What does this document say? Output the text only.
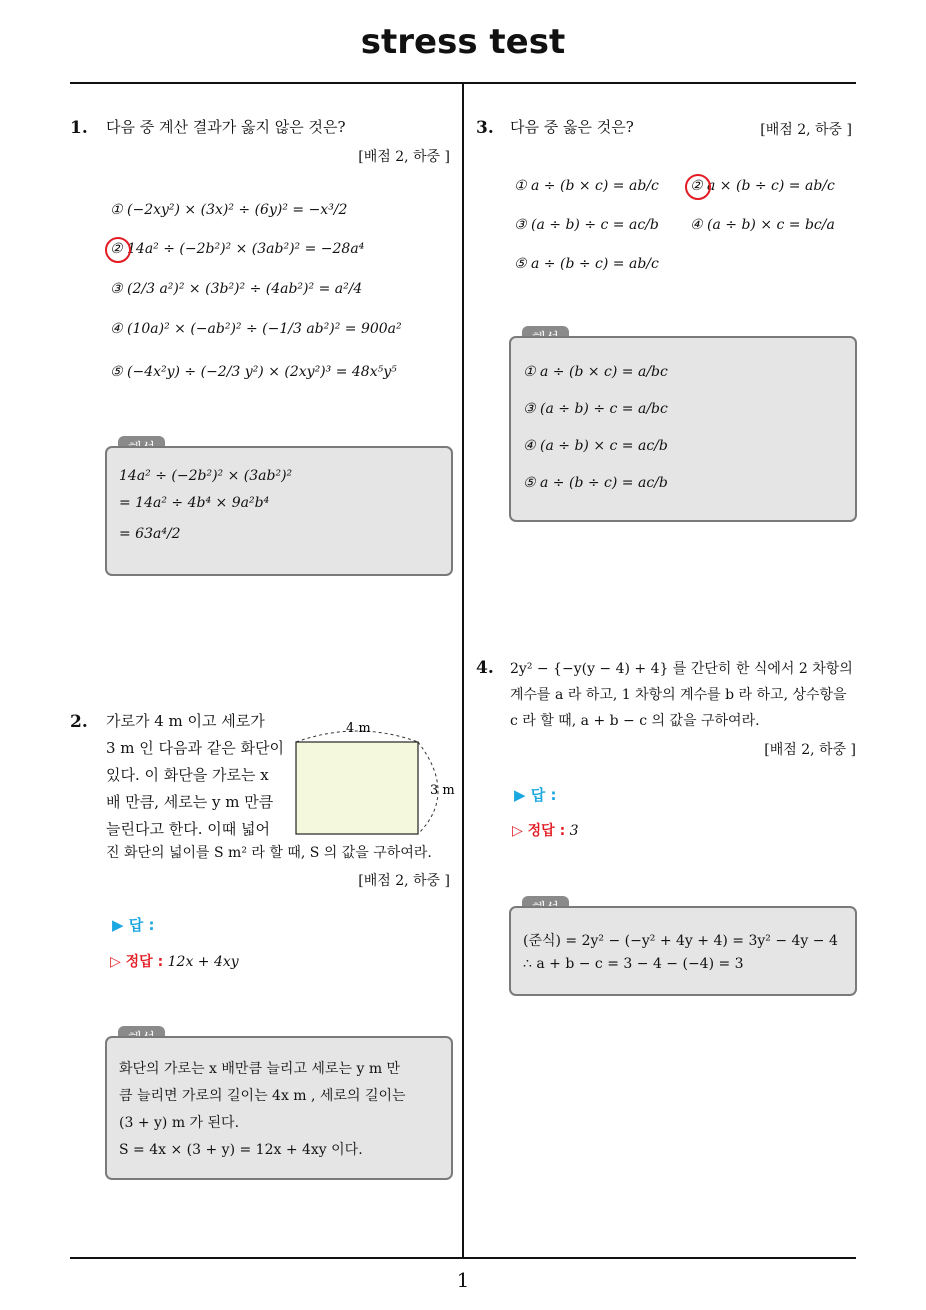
stress test
1
1. 다음 중 계산 결과가 옳지 않은 것은?
[배점 2, 하중 ]
① (−2xy²) × (3x)² ÷ (6y)² = −x³/2
② 14a² ÷ (−2b²)² × (3ab²)² = −28a⁴
③ (2/3 a²)² × (3b²)² ÷ (4ab²)² = a²/4
④ (10a)² × (−ab²)² ÷ (−1/3 ab²)² = 900a²
⑤ (−4x²y) ÷ (−2/3 y²) × (2xy²)³ = 48x⁵y⁵
14a² ÷ (−2b²)² × (3ab²)²
= 14a² ÷ 4b⁴ × 9a²b⁴
= 63a⁴/2
2. 가로가 4 m 이고 세로가
3 m 인 다음과 같은 화단이
있다. 이 화단을 가로는 x
배 만큼, 세로는 y m 만큼
늘린다고 한다. 이때 넓어
진 화단의 넓이를 S m² 라 할 때, S 의 값을 구하여라.
[배점 2, 하중 ]
4 m
3 m
▶ 답 :
▷ 정답 : 12x + 4xy
화단의 가로는 x 배만큼 늘리고 세로는 y m 만
큼 늘리면 가로의 길이는 4x m , 세로의 길이는
(3 + y) m 가 된다.
S = 4x × (3 + y) = 12x + 4xy 이다.
3. 다음 중 옳은 것은?	[배점 2, 하중 ]
① a ÷ (b × c) = ab/c ② a × (b ÷ c) = ab/c
③ (a ÷ b) ÷ c = ac/b ④ (a ÷ b) × c = bc/a
⑤ a ÷ (b ÷ c) = ab/c
① a ÷ (b × c) = a/bc
③ (a ÷ b) ÷ c = a/bc
④ (a ÷ b) × c = ac/b
⑤ a ÷ (b ÷ c) = ac/b
4. 2y² − {−y(y − 4) + 4} 를 간단히 한 식에서 2 차항의
계수를 a 라 하고, 1 차항의 계수를 b 라 하고, 상수항을
c 라 할 때, a + b − c 의 값을 구하여라.
[배점 2, 하중 ]
▶ 답 :
▷ 정답 : 3
(준식) = 2y² − (−y² + 4y + 4) = 3y² − 4y − 4
∴ a + b − c = 3 − 4 − (−4) = 3
